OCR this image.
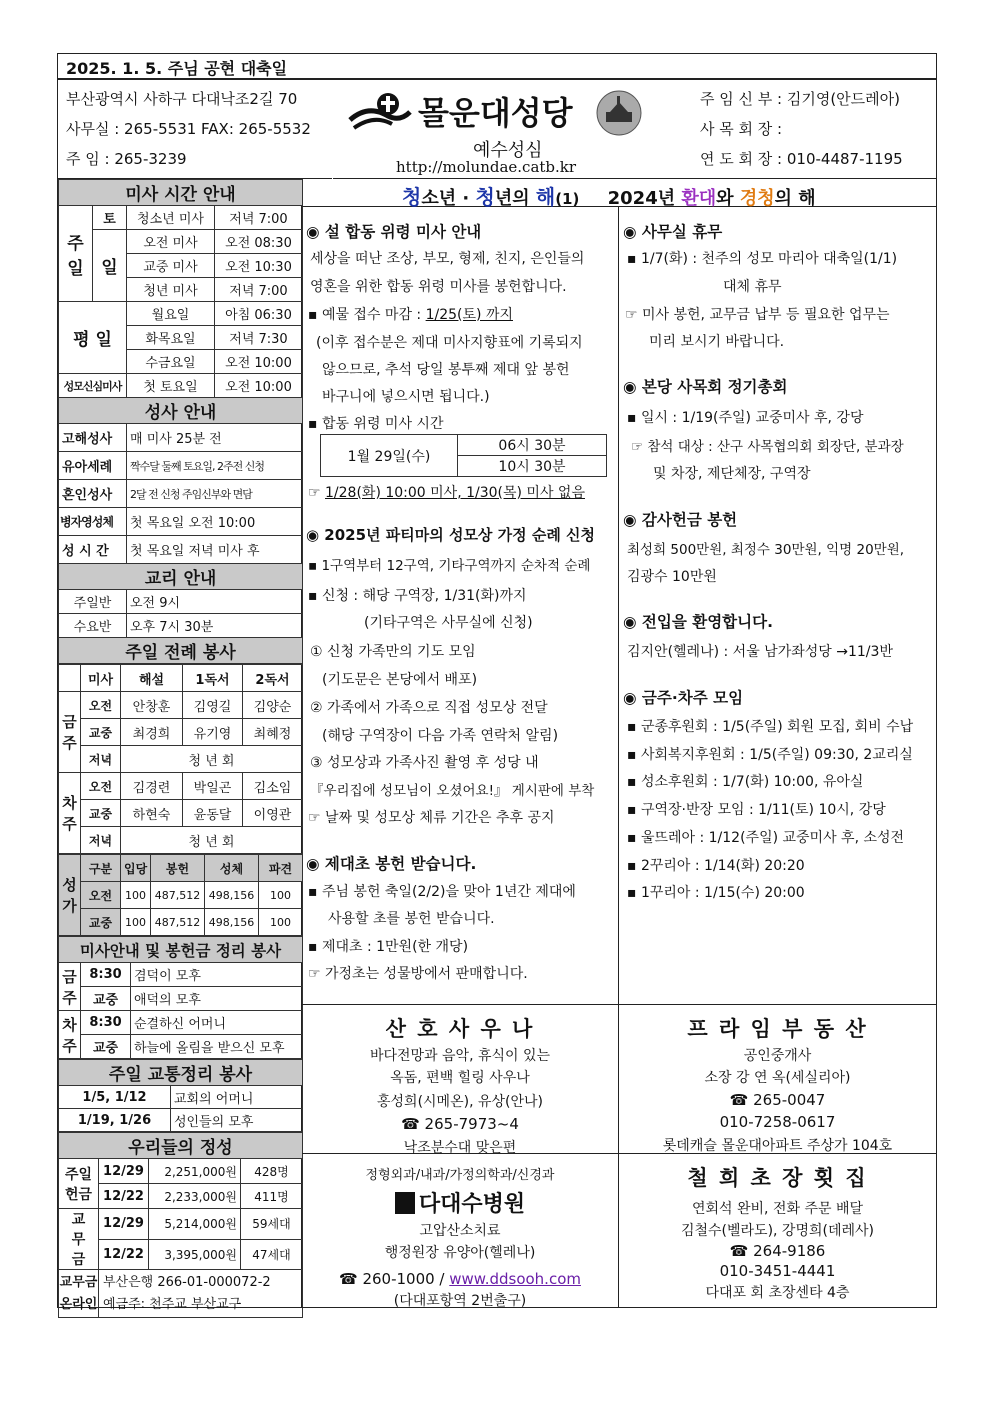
2025. 1. 5. 주님 공현 대축일
부산광역시 사하구 다대낙조2길 70
사무실 : 265-5531 FAX: 265-5532
주 임 : 265-3239
몰운대성당
예수성심
http://molundae.catb.kr
주 임 신 부 : 김기영(안드레아)
사 목 회 장 :
연 도 회 장 : 010-4487-1195
미사 시간 안내			
주 일	토	청소년 미사	저녁 7:00
	일	오전 미사	오전 08:30
		교중 미사	오전 10:30
		청년 미사	저녁 7:00
평 일		월요일	아침 06:30
		화목요일	저녁 7:30
		수금요일	오전 10:00
성모신심미사		첫 토요일	오전 10:00
성사 안내			
고해성사		매 미사 25분 전	
유아세례		짝수달 둘째 토요일, 2주전 신청	
혼인성사		2달 전 신청 주임신부와 면담	
병자영성체		첫 목요일 오전 10:00	
성 시 간		첫 목요일 저녁 미사 후	
교리 안내			
주일반		오전 9시	
수요반		오후 7시 30분	
주일 전례 봉사			
	미사	해설	1독서	2독서
금주	오전	안창훈	김영길	김양순
	교중	최경희	유기영	최혜정
	저녁	청 년 회		
차주	오전	김경련	박일곤	김소임
	교중	하현숙	윤동달	이영관
	저녁	청 년 회		
성가	구분	입당	봉헌	성체	파견
	오전	100	487,512	498,156	100
	교중	100	487,512	498,156	100
미사안내 및 봉헌금 정리 봉사		
금주	8:30	겸덕이 모후
	교중	애덕의 모후
차주	8:30	순결하신 어머니
	교중	하늘에 올림을 받으신 모후
주일 교통정리 봉사	
1/5, 1/12	교회의 어머니
1/19, 1/26	성인들의 모후
우리들의 정성			
주일 헌금	12/29	2,251,000원	428명
	12/22	2,233,000원	411명
교무금	12/29	5,214,000원	59세대
	12/22	3,395,000원	47세대
교무금 온라인	부산은행 266-01-000072-2
예금주: 천주교 부산교구		
청소년 · 청년의 해(1) 2024년 환대와 경청의 해
◉ 설 합동 위령 미사 안내
세상을 떠난 조상, 부모, 형제, 친지, 은인들의
영혼을 위한 합동 위령 미사를 봉헌합니다.
▪ 예물 접수 마감 : 1/25(토) 까지
(이후 접수분은 제대 미사지향표에 기록되지
않으므로, 추석 당일 봉투째 제대 앞 봉헌
바구니에 넣으시면 됩니다.)
▪ 합동 위령 미사 시간
1월 29일(수)	06시 30분
10시 30분
☞ 1/28(화) 10:00 미사, 1/30(목) 미사 없음
◉ 2025년 파티마의 성모상 가정 순례 신청
▪ 1구역부터 12구역, 기타구역까지 순차적 순례
▪ 신청 : 해당 구역장, 1/31(화)까지
(기타구역은 사무실에 신청)
① 신청 가족만의 기도 모임
(기도문은 본당에서 배포)
② 가족에서 가족으로 직접 성모상 전달
(해당 구역장이 다음 가족 연락처 알림)
③ 성모상과 가족사진 촬영 후 성당 내
『우리집에 성모님이 오셨어요!』 게시판에 부착
☞ 날짜 및 성모상 체류 기간은 추후 공지
◉ 제대초 봉헌 받습니다.
▪ 주님 봉헌 축일(2/2)을 맞아 1년간 제대에
사용할 초를 봉헌 받습니다.
▪ 제대초 : 1만원(한 개당)
☞ 가정초는 성물방에서 판매합니다.
◉ 사무실 휴무
▪ 1/7(화) : 천주의 성모 마리아 대축일(1/1)
대체 휴무
☞ 미사 봉헌, 교무금 납부 등 필요한 업무는
미리 보시기 바랍니다.
◉ 본당 사목회 정기총회
▪ 일시 : 1/19(주일) 교중미사 후, 강당
☞ 참석 대상 : 산구 사목협의회 회장단, 분과장
및 차장, 제단체장, 구역장
◉ 감사헌금 봉헌
최성희 500만원, 최정수 30만원, 익명 20만원,
김광수 10만원
◉ 전입을 환영합니다.
김지안(헬레나) : 서울 남가좌성당 →11/3반
◉ 금주·차주 모임
▪ 군종후원회 : 1/5(주일) 회원 모집, 회비 수납
▪ 사회복지후원회 : 1/5(주일) 09:30, 2교리실
▪ 성소후원회 : 1/7(화) 10:00, 유아실
▪ 구역장·반장 모임 : 1/11(토) 10시, 강당
▪ 울뜨레아 : 1/12(주일) 교중미사 후, 소성전
▪ 2꾸리아 : 1/14(화) 20:20
▪ 1꾸리아 : 1/15(수) 20:00
산 호 사 우 나
바다전망과 음악, 휴식이 있는
옥돔, 편백 힐링 사우나
홍성희(시메온), 유상(안나)
☎ 265-7973~4
낙조분수대 맞은편
프 라 임 부 동 산
공인중개사
소장 강 연 옥(세실리아)
☎ 265-0047
010-7258-0617
롯데캐슬 몰운대아파트 주상가 104호
정형외과/내과/가정의학과/신경과
다대수병원
고압산소치료
행정원장 유양아(헬레나)
☎ 260-1000 / www.ddsooh.com
(다대포항역 2번출구)
철 희 초 장 횟 집
연회석 완비, 전화 주문 배달
김철수(벨라도), 강명희(데레사)
☎ 264-9186
010-3451-4441
다대포 회 초장센타 4층
